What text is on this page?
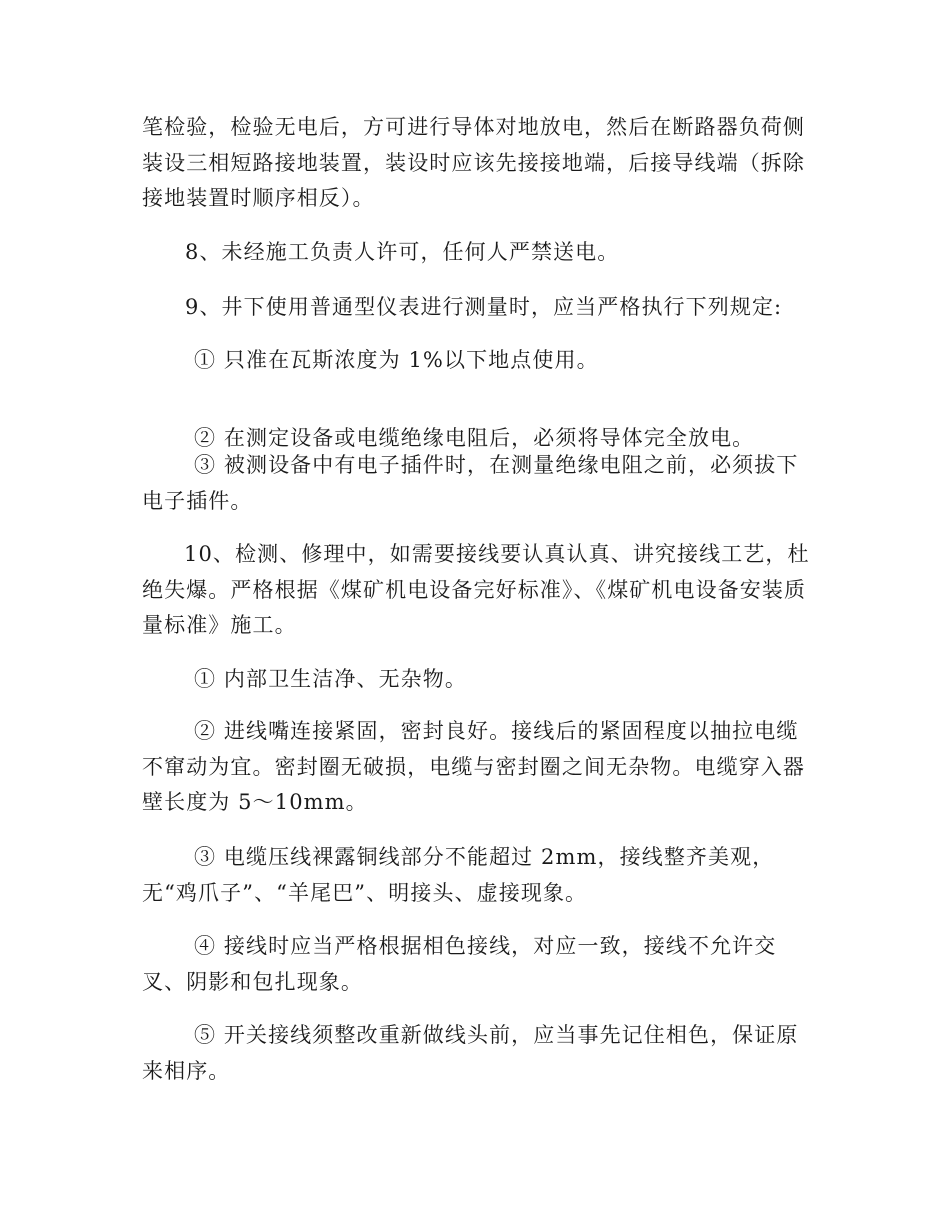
笔检验，检验无电后，方可进行导体对地放电，然后在断路器负荷侧装设三相短路接地装置，装设时应该先接接地端，后接导线端（拆除接地装置时顺序相反）。

8、未经施工负责人许可，任何人严禁送电。

9、井下使用普通型仪表进行测量时，应当严格执行下列规定:

① 只准在瓦斯浓度为 1%以下地点使用。

② 在测定设备或电缆绝缘电阻后，必须将导体完全放电。

③ 被测设备中有电子插件时，在测量绝缘电阻之前，必须拔下电子插件。

10、检测、修理中，如需要接线要认真认真、讲究接线工艺，杜绝失爆。严格根据《煤矿机电设备完好标准》、《煤矿机电设备安装质量标准》施工。

① 内部卫生洁净、无杂物。

② 进线嘴连接紧固，密封良好。接线后的紧固程度以抽拉电缆不窜动为宜。密封圈无破损，电缆与密封圈之间无杂物。电缆穿入器壁长度为 5～10mm。

③ 电缆压线裸露铜线部分不能超过 2mm，接线整齐美观，无“鸡爪子”、“羊尾巴”、明接头、虚接现象。

④ 接线时应当严格根据相色接线，对应一致，接线不允许交叉、阴影和包扎现象。

⑤ 开关接线须整改重新做线头前，应当事先记住相色，保证原来相序。
